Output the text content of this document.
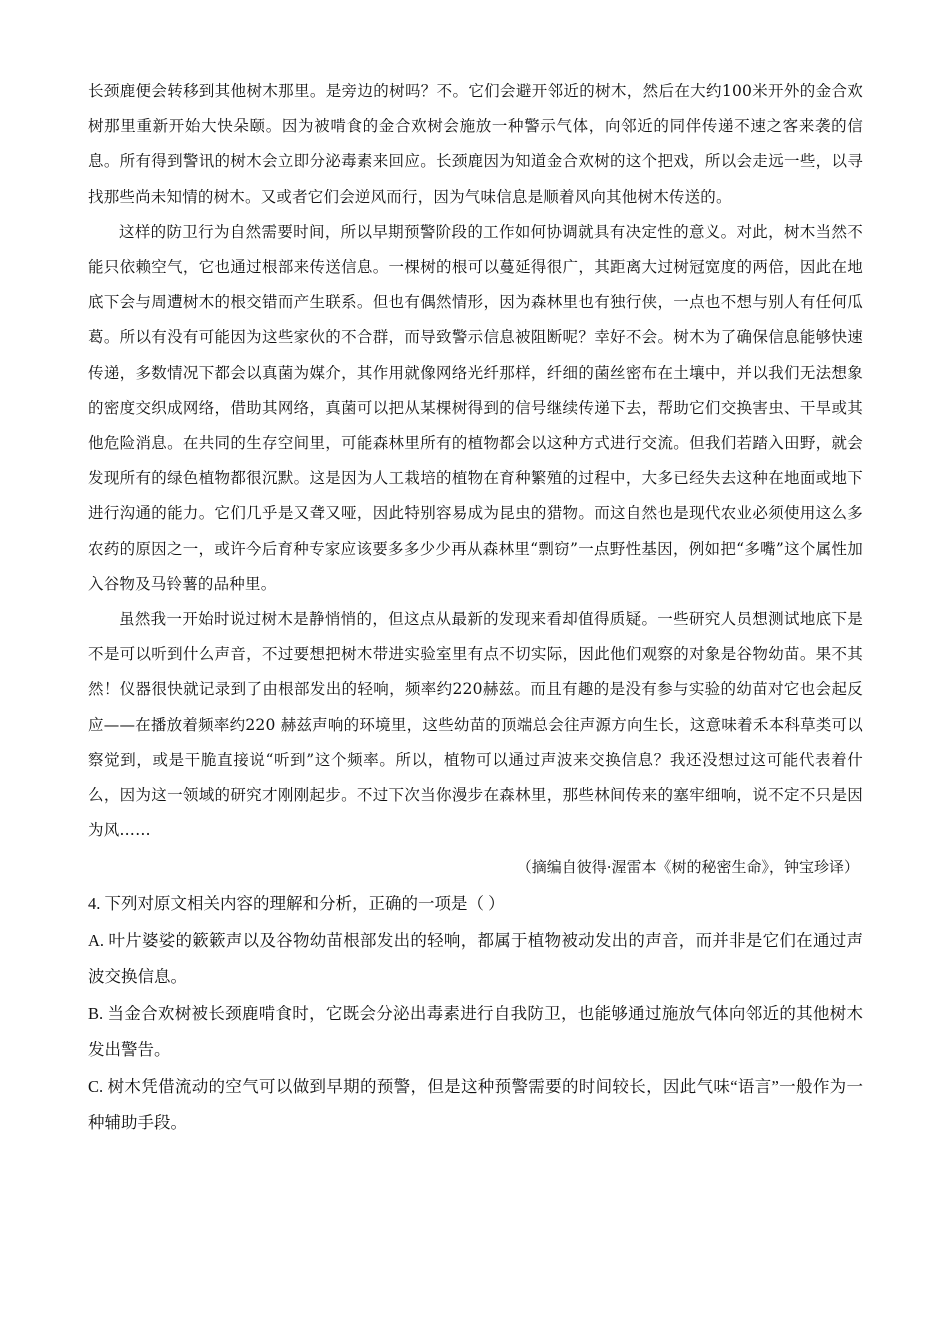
长颈鹿便会转移到其他树木那里。是旁边的树吗？不。它们会避开邻近的树木，然后在大约100米开外的金合欢树那里重新开始大快朵颐。因为被啃食的金合欢树会施放一种警示气体，向邻近的同伴传递不速之客来袭的信息。所有得到警讯的树木会立即分泌毒素来回应。长颈鹿因为知道金合欢树的这个把戏，所以会走远一些，以寻找那些尚未知情的树木。又或者它们会逆风而行，因为气味信息是顺着风向其他树木传送的。

这样的防卫行为自然需要时间，所以早期预警阶段的工作如何协调就具有决定性的意义。对此，树木当然不能只依赖空气，它也通过根部来传送信息。一棵树的根可以蔓延得很广，其距离大过树冠宽度的两倍，因此在地底下会与周遭树木的根交错而产生联系。但也有偶然情形，因为森林里也有独行侠，一点也不想与别人有任何瓜葛。所以有没有可能因为这些家伙的不合群，而导致警示信息被阻断呢？幸好不会。树木为了确保信息能够快速传递，多数情况下都会以真菌为媒介，其作用就像网络光纤那样，纤细的菌丝密布在土壤中，并以我们无法想象的密度交织成网络，借助其网络，真菌可以把从某棵树得到的信号继续传递下去，帮助它们交换害虫、干旱或其他危险消息。在共同的生存空间里，可能森林里所有的植物都会以这种方式进行交流。但我们若踏入田野，就会发现所有的绿色植物都很沉默。这是因为人工栽培的植物在育种繁殖的过程中，大多已经失去这种在地面或地下进行沟通的能力。它们几乎是又聋又哑，因此特别容易成为昆虫的猎物。而这自然也是现代农业必须使用这么多农药的原因之一，或许今后育种专家应该要多多少少再从森林里“剽窃”一点野性基因，例如把“多嘴”这个属性加入谷物及马铃薯的品种里。

虽然我一开始时说过树木是静悄悄的，但这点从最新的发现来看却值得质疑。一些研究人员想测试地底下是不是可以听到什么声音，不过要想把树木带进实验室里有点不切实际，因此他们观察的对象是谷物幼苗。果不其然！仪器很快就记录到了由根部发出的轻响，频率约220赫兹。而且有趣的是没有参与实验的幼苗对它也会起反应——在播放着频率约220 赫兹声响的环境里，这些幼苗的顶端总会往声源方向生长，这意味着禾本科草类可以察觉到，或是干脆直接说“听到”这个频率。所以，植物可以通过声波来交换信息？我还没想过这可能代表着什么，因为这一领域的研究才刚刚起步。不过下次当你漫步在森林里，那些林间传来的塞牢细响，说不定不只是因为风……

（摘编自彼得·渥雷本《树的秘密生命》，钟宝珍译）

4. 下列对原文相关内容的理解和分析，正确的一项是（ ）

A. 叶片婆娑的簌簌声以及谷物幼苗根部发出的轻响，都属于植物被动发出的声音，而并非是它们在通过声波交换信息。

B. 当金合欢树被长颈鹿啃食时，它既会分泌出毒素进行自我防卫，也能够通过施放气体向邻近的其他树木发出警告。

C. 树木凭借流动的空气可以做到早期的预警，但是这种预警需要的时间较长，因此气味“语言”一般作为一种辅助手段。
